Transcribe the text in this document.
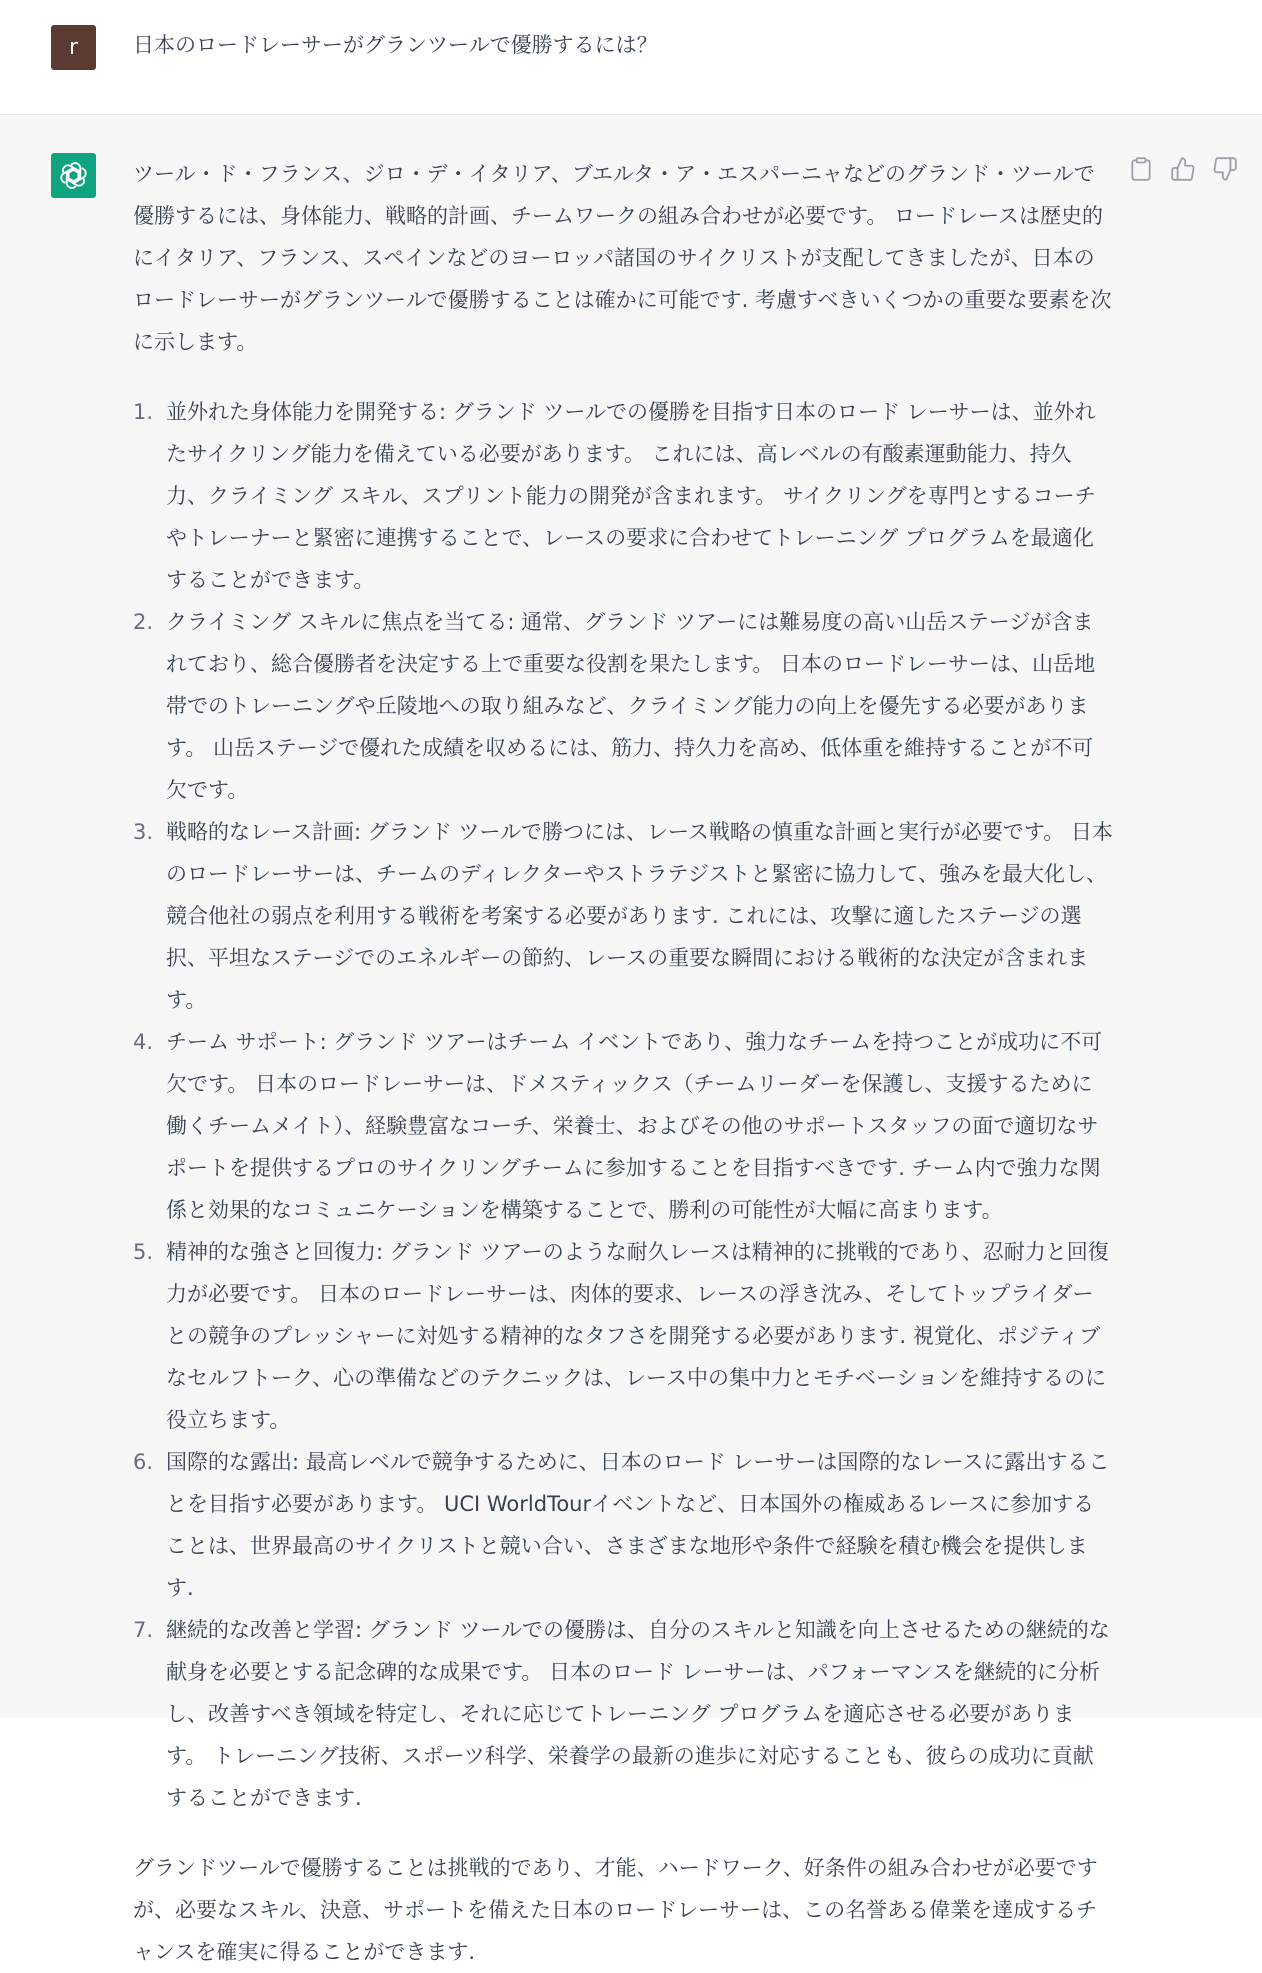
r	日本のロードレーサーがグランツールで優勝するには？

ツール・ド・フランス、ジロ・デ・イタリア、ブエルタ・ア・エスパーニャなどのグランド・ツールで優勝するには、身体能力、戦略的計画、チームワークの組み合わせが必要です。 ロードレースは歴史的にイタリア、フランス、スペインなどのヨーロッパ諸国のサイクリストが支配してきましたが、日本のロードレーサーがグランツールで優勝することは確かに可能です. 考慮すべきいくつかの重要な要素を次に示します。

1. 並外れた身体能力を開発する: グランド ツールでの優勝を目指す日本のロード レーサーは、並外れたサイクリング能力を備えている必要があります。 これには、高レベルの有酸素運動能力、持久力、クライミング スキル、スプリント能力の開発が含まれます。 サイクリングを専門とするコーチやトレーナーと緊密に連携することで、レースの要求に合わせてトレーニング プログラムを最適化することができます。
2. クライミング スキルに焦点を当てる: 通常、グランド ツアーには難易度の高い山岳ステージが含まれており、総合優勝者を決定する上で重要な役割を果たします。 日本のロードレーサーは、山岳地帯でのトレーニングや丘陵地への取り組みなど、クライミング能力の向上を優先する必要があります。 山岳ステージで優れた成績を収めるには、筋力、持久力を高め、低体重を維持することが不可欠です。
3. 戦略的なレース計画: グランド ツールで勝つには、レース戦略の慎重な計画と実行が必要です。 日本のロードレーサーは、チームのディレクターやストラテジストと緊密に協力して、強みを最大化し、競合他社の弱点を利用する戦術を考案する必要があります. これには、攻撃に適したステージの選択、平坦なステージでのエネルギーの節約、レースの重要な瞬間における戦術的な決定が含まれます。
4. チーム サポート: グランド ツアーはチーム イベントであり、強力なチームを持つことが成功に不可欠です。 日本のロードレーサーは、ドメスティックス（チームリーダーを保護し、支援するために働くチームメイト）、経験豊富なコーチ、栄養士、およびその他のサポートスタッフの面で適切なサポートを提供するプロのサイクリングチームに参加することを目指すべきです. チーム内で強力な関係と効果的なコミュニケーションを構築することで、勝利の可能性が大幅に高まります。
5. 精神的な強さと回復力: グランド ツアーのような耐久レースは精神的に挑戦的であり、忍耐力と回復力が必要です。 日本のロードレーサーは、肉体的要求、レースの浮き沈み、そしてトップライダーとの競争のプレッシャーに対処する精神的なタフさを開発する必要があります. 視覚化、ポジティブなセルフトーク、心の準備などのテクニックは、レース中の集中力とモチベーションを維持するのに役立ちます。
6. 国際的な露出: 最高レベルで競争するために、日本のロード レーサーは国際的なレースに露出することを目指す必要があります。 UCI WorldTourイベントなど、日本国外の権威あるレースに参加することは、世界最高のサイクリストと競い合い、さまざまな地形や条件で経験を積む機会を提供します.
7. 継続的な改善と学習: グランド ツールでの優勝は、自分のスキルと知識を向上させるための継続的な献身を必要とする記念碑的な成果です。 日本のロード レーサーは、パフォーマンスを継続的に分析し、改善すべき領域を特定し、それに応じてトレーニング プログラムを適応させる必要があります。 トレーニング技術、スポーツ科学、栄養学の最新の進歩に対応することも、彼らの成功に貢献することができます.

グランドツールで優勝することは挑戦的であり、才能、ハードワーク、好条件の組み合わせが必要ですが、必要なスキル、決意、サポートを備えた日本のロードレーサーは、この名誉ある偉業を達成するチャンスを確実に得ることができます.
